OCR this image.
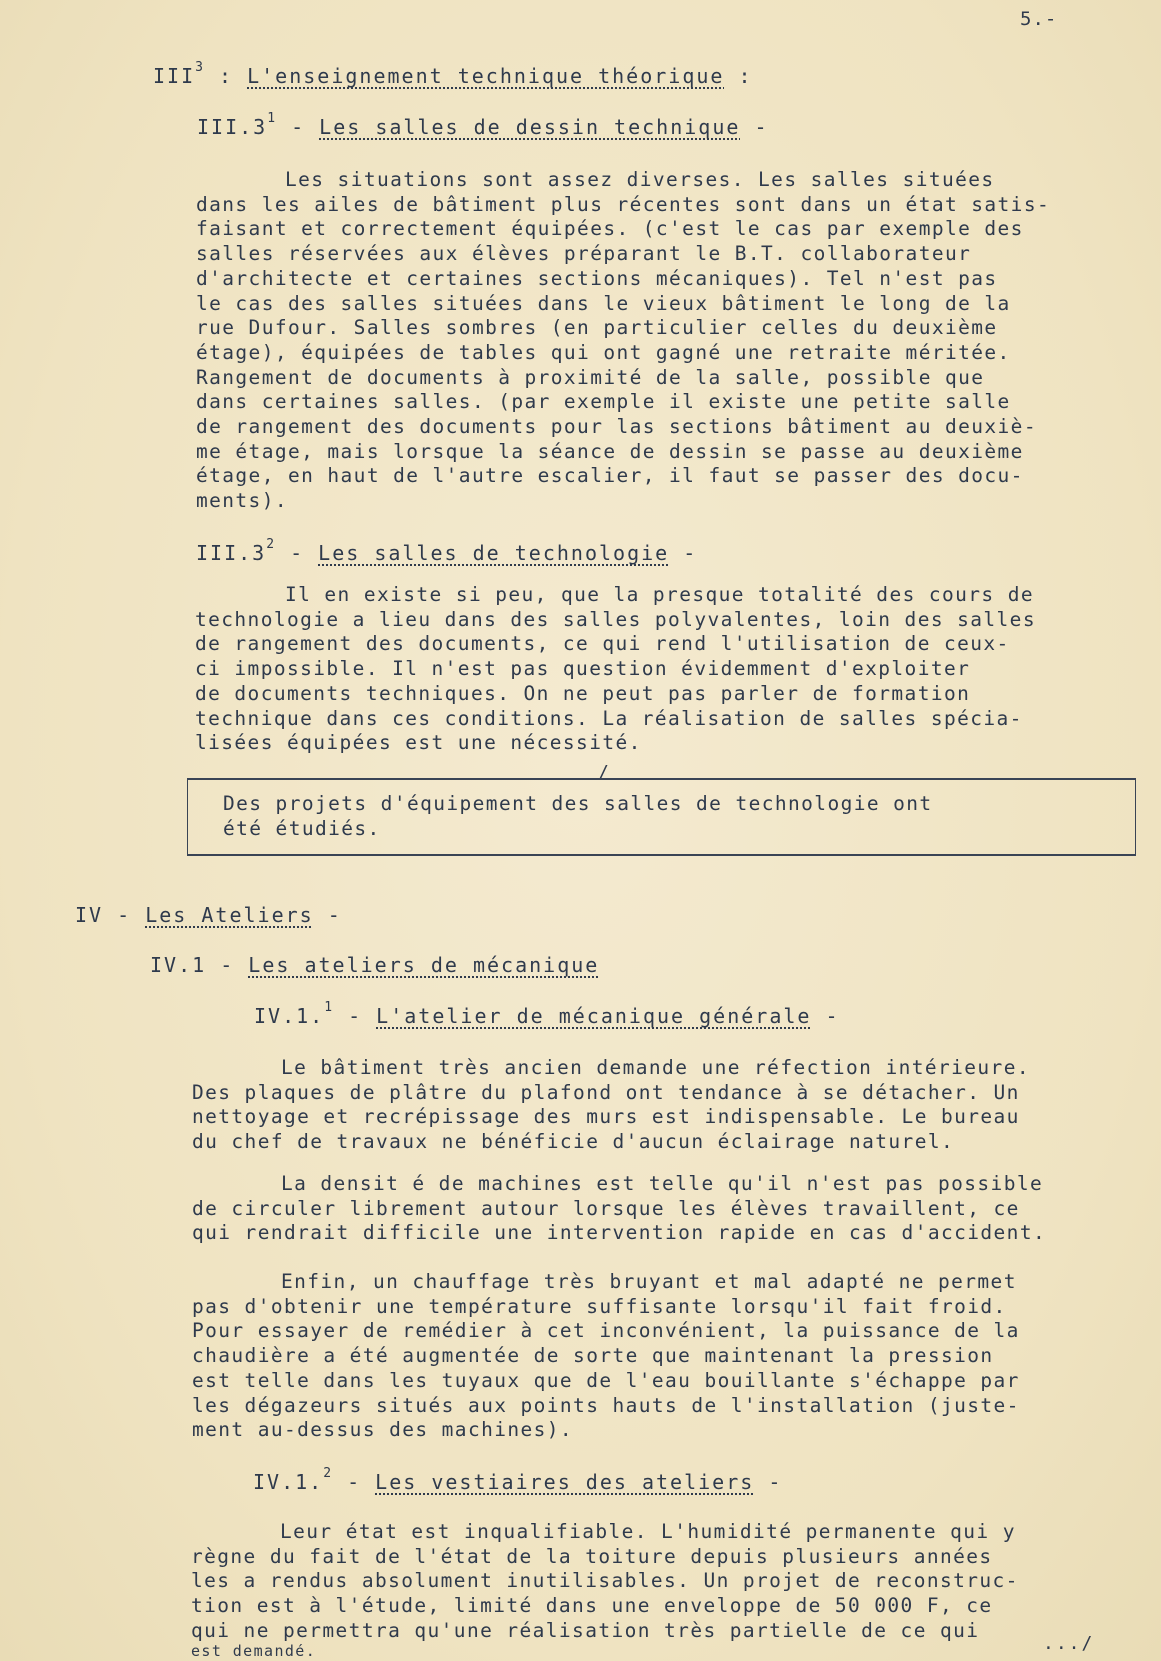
5.-
III$^3$ : L'enseignement technique théorique :
$III.3^1$ - Les salles de dessin technique -
Les situations sont assez diverses. Les salles situées
dans les ailes de bâtiment plus récentes sont dans un état satis-
faisant et correctement équipées. (c'est le cas par exemple des
salles réservées aux élèves préparant le B.T. collaborateur
d'architecte et certaines sections mécaniques). Tel n'est pas
le cas des salles situées dans le vieux bâtiment le long de la
rue Dufour. Salles sombres (en particulier celles du deuxième
étage), équipées de tables qui ont gagné une retraite méritée.
Rangement de documents à proximité de la salle, possible que
dans certaines salles. (par exemple il existe une petite salle
de rangement des documents pour las sections bâtiment au deuxiè-
me étage, mais lorsque la séance de dessin se passe au deuxième
étage, en haut de l'autre escalier, il faut se passer des docu-
ments).
$III.3^2$ - Les salles de technologie -
Il en existe si peu, que la presque totalité des cours de
technologie a lieu dans des salles polyvalentes, loin des salles
de rangement des documents, ce qui rend l'utilisation de ceux-
ci impossible. Il n'est pas question évidemment d'exploiter
de documents techniques. On ne peut pas parler de formation
technique dans ces conditions. La réalisation de salles spécia-
lisées équipées est une nécessité.
/
Des projets d'équipement des salles de technologie ont
été étudiés.
IV - Les Ateliers -
IV.1 - Les ateliers de mécanique
IV.1.$^1$ - L'atelier de mécanique générale -
Le bâtiment très ancien demande une réfection intérieure.
Des plaques de plâtre du plafond ont tendance à se détacher. Un
nettoyage et recrépissage des murs est indispensable. Le bureau
du chef de travaux ne bénéficie d'aucun éclairage naturel.
La densit é de machines est telle qu'il n'est pas possible
de circuler librement autour lorsque les élèves travaillent, ce
qui rendrait difficile une intervention rapide en cas d'accident.
Enfin, un chauffage très bruyant et mal adapté ne permet
pas d'obtenir une température suffisante lorsqu'il fait froid.
Pour essayer de remédier à cet inconvénient, la puissance de la
chaudière a été augmentée de sorte que maintenant la pression
est telle dans les tuyaux que de l'eau bouillante s'échappe par
les dégazeurs situés aux points hauts de l'installation (juste-
ment au-dessus des machines).
IV.1.$^2$ - Les vestiaires des ateliers -
Leur état est inqualifiable. L'humidité permanente qui y
règne du fait de l'état de la toiture depuis plusieurs années
les a rendus absolument inutilisables. Un projet de reconstruc-
tion est à l'étude, limité dans une enveloppe de 50 000 F, ce
qui ne permettra qu'une réalisation très partielle de ce qui
est demandé.	.../
